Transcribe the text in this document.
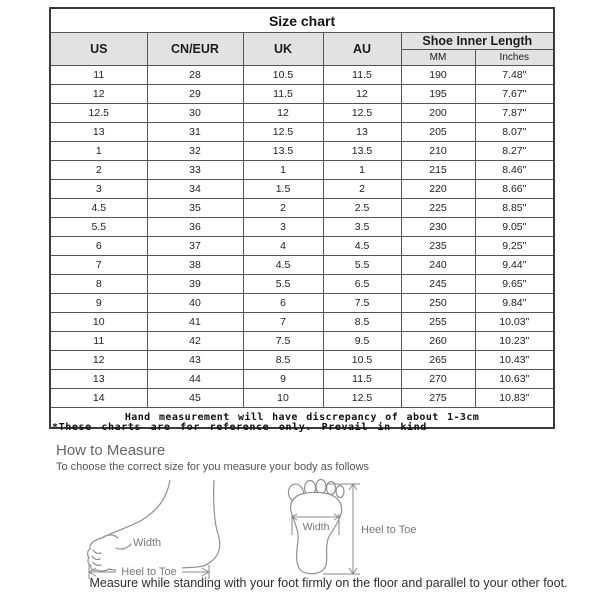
Size chart					
US	CN/EUR	UK	AU	Shoe Inner Length	
				MM	Inches
11	28	10.5	11.5	190	7.48"
12	29	11.5	12	195	7.67"
12.5	30	12	12.5	200	7.87"
13	31	12.5	13	205	8.07"
1	32	13.5	13.5	210	8.27"
2	33	1	1	215	8.46"
3	34	1.5	2	220	8.66"
4.5	35	2	2.5	225	8.85"
5.5	36	3	3.5	230	9.05"
6	37	4	4.5	235	9.25"
7	38	4.5	5.5	240	9.44"
8	39	5.5	6.5	245	9.65"
9	40	6	7.5	250	9.84"
10	41	7	8.5	255	10.03"
11	42	7.5	9.5	260	10.23"
12	43	8.5	10.5	265	10.43"
13	44	9	11.5	270	10.63"
14	45	10	12.5	275	10.83"
Hand measurement will have discrepancy of about 1-3cm					
*These charts are for reference only. Prevail in kind
How to Measure
To choose the correct size for you measure your body as follows
Heel to Toe
Width
Width	Heel to Toe
Measure while standing with your foot firmly on the floor and parallel to your other foot.
